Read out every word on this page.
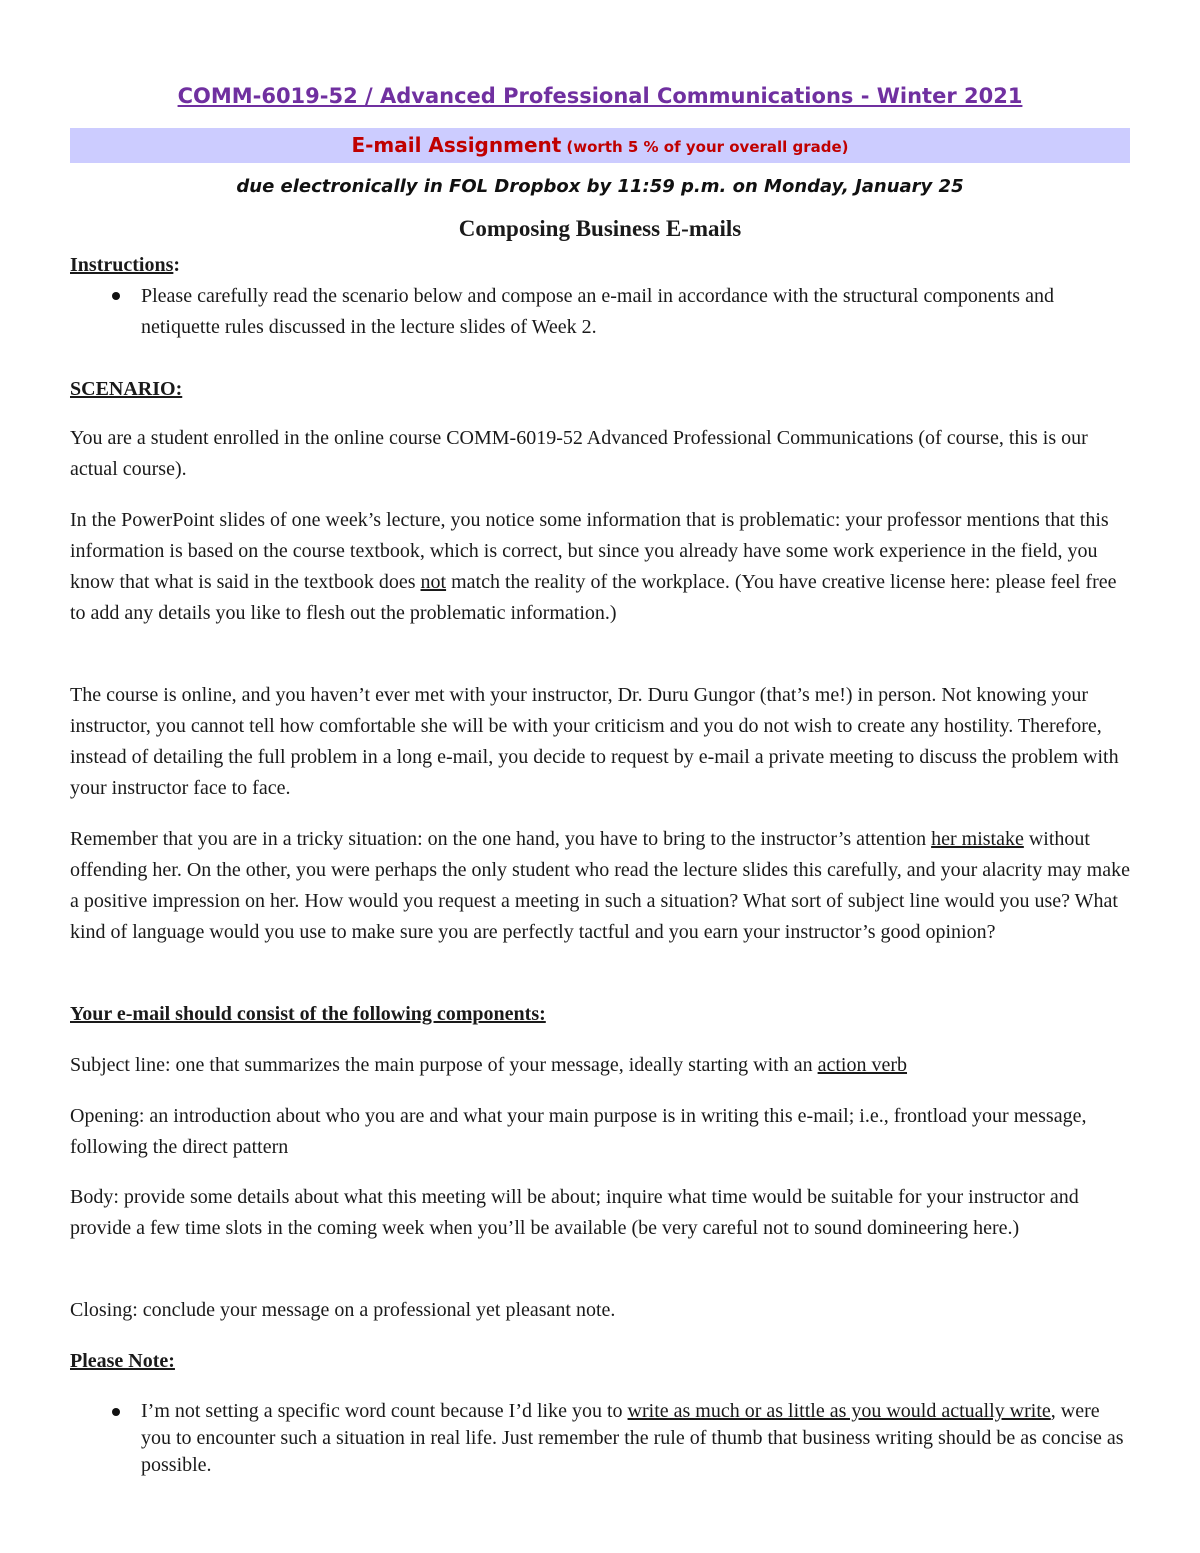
COMM-6019-52 / Advanced Professional Communications - Winter 2021
E-mail Assignment (worth 5 % of your overall grade)
due electronically in FOL Dropbox by 11:59 p.m. on Monday, January 25
Composing Business E-mails
Instructions:
Please carefully read the scenario below and compose an e-mail in accordance with the structural components and netiquette rules discussed in the lecture slides of Week 2.
SCENARIO:
You are a student enrolled in the online course COMM-6019-52 Advanced Professional Communications (of course, this is our actual course).
In the PowerPoint slides of one week’s lecture, you notice some information that is problematic: your professor mentions that this information is based on the course textbook, which is correct, but since you already have some work experience in the field, you know that what is said in the textbook does not match the reality of the workplace. (You have creative license here: please feel free to add any details you like to flesh out the problematic information.)
The course is online, and you haven’t ever met with your instructor, Dr. Duru Gungor (that’s me!) in person. Not knowing your instructor, you cannot tell how comfortable she will be with your criticism and you do not wish to create any hostility. Therefore, instead of detailing the full problem in a long e-mail, you decide to request by e-mail a private meeting to discuss the problem with your instructor face to face.
Remember that you are in a tricky situation: on the one hand, you have to bring to the instructor’s attention her mistake without offending her. On the other, you were perhaps the only student who read the lecture slides this carefully, and your alacrity may make a positive impression on her. How would you request a meeting in such a situation? What sort of subject line would you use? What kind of language would you use to make sure you are perfectly tactful and you earn your instructor’s good opinion?
Your e-mail should consist of the following components:
Subject line: one that summarizes the main purpose of your message, ideally starting with an action verb
Opening: an introduction about who you are and what your main purpose is in writing this e-mail; i.e., frontload your message, following the direct pattern
Body: provide some details about what this meeting will be about; inquire what time would be suitable for your instructor and provide a few time slots in the coming week when you’ll be available (be very careful not to sound domineering here.)
Closing: conclude your message on a professional yet pleasant note.
Please Note:
I’m not setting a specific word count because I’d like you to write as much or as little as you would actually write, were you to encounter such a situation in real life. Just remember the rule of thumb that business writing should be as concise as possible.
